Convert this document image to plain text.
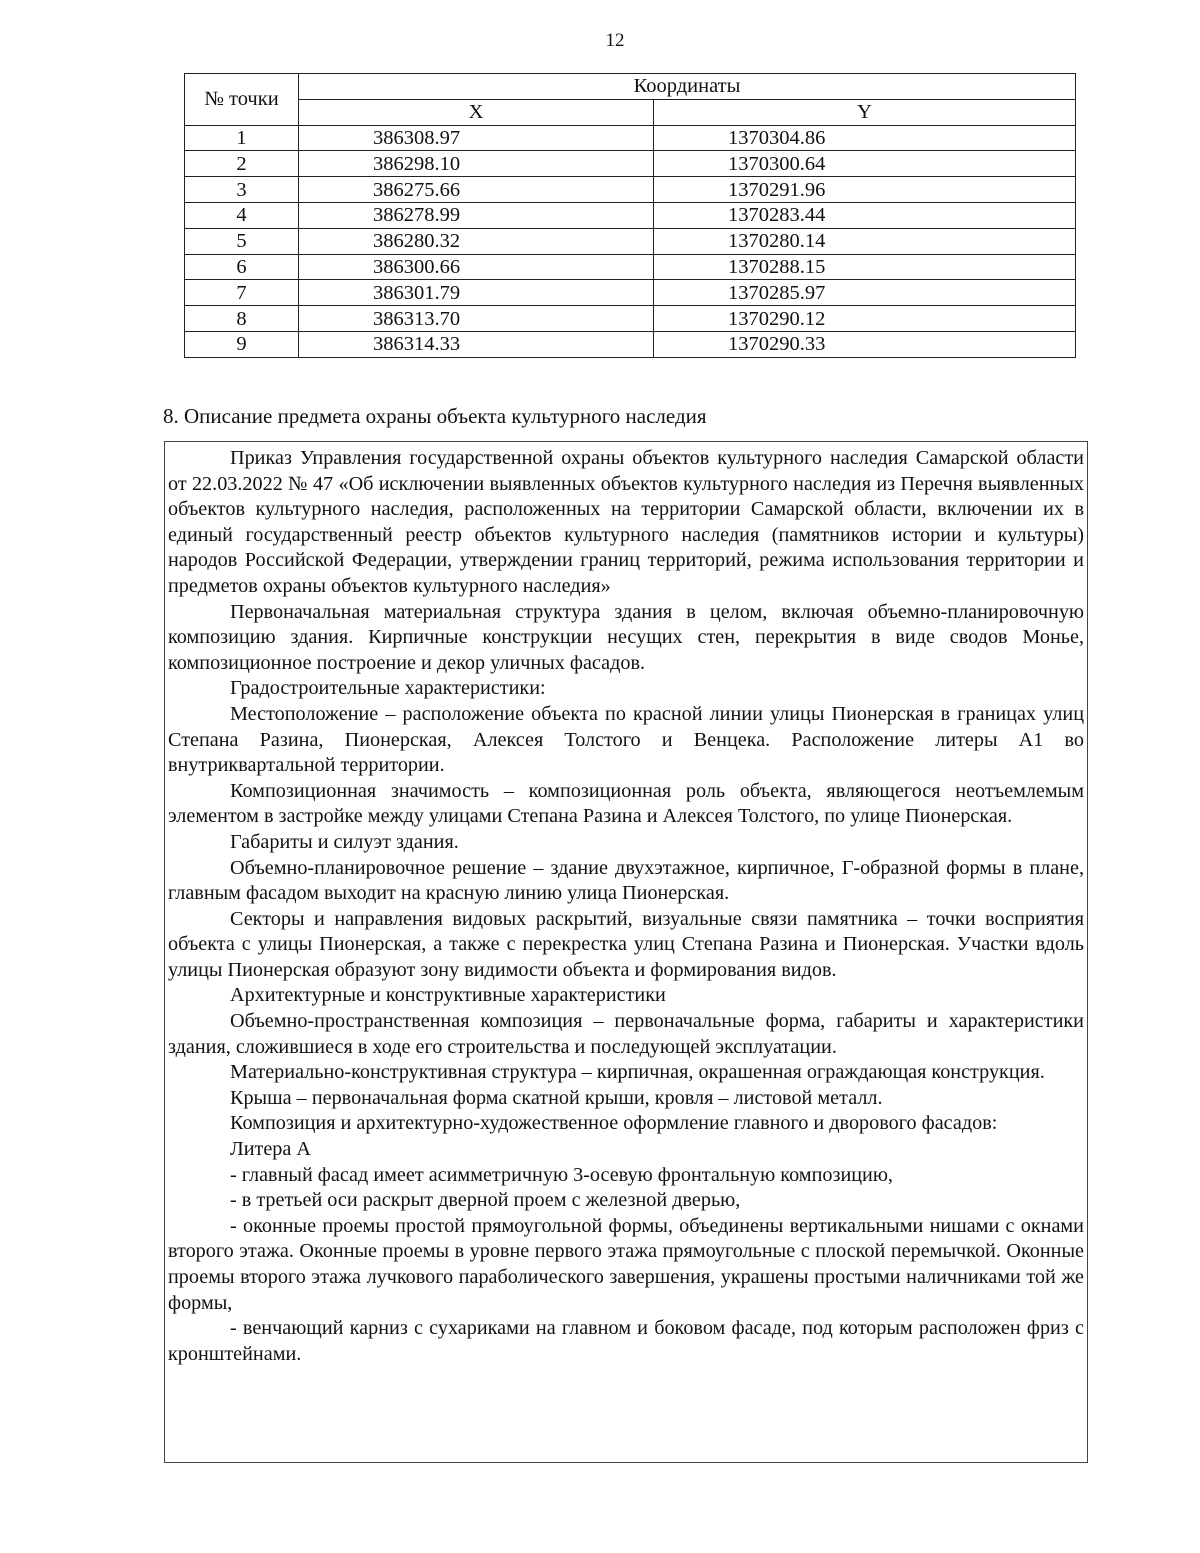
12
№ точки	Координаты	
	X	Y
1	386308.97	1370304.86
2	386298.10	1370300.64
3	386275.66	1370291.96
4	386278.99	1370283.44
5	386280.32	1370280.14
6	386300.66	1370288.15
7	386301.79	1370285.97
8	386313.70	1370290.12
9	386314.33	1370290.33
8. Описание предмета охраны объекта культурного наследия

Приказ Управления государственной охраны объектов культурного наследия Самарской области от 22.03.2022 № 47 «Об исключении выявленных объектов культурного наследия из Перечня выявленных объектов культурного наследия, расположенных на территории Самарской области, включении их в единый государственный реестр объектов культурного наследия (памятников истории и культуры) народов Российской Федерации, утверждении границ территорий, режима использования территории и предметов охраны объектов культурного наследия»

Первоначальная материальная структура здания в целом, включая объемно-планировочную композицию здания. Кирпичные конструкции несущих стен, перекрытия в виде сводов Монье, композиционное построение и декор уличных фасадов.

Градостроительные характеристики:

Местоположение – расположение объекта по красной линии улицы Пионерская в границах улиц Степана Разина, Пионерская, Алексея Толстого и Венцека. Расположение литеры А1 во внутриквартальной территории.

Композиционная значимость – композиционная роль объекта, являющегося неотъемлемым элементом в застройке между улицами Степана Разина и Алексея Толстого, по улице Пионерская.

Габариты и силуэт здания.

Объемно-планировочное решение – здание двухэтажное, кирпичное, Г-образной формы в плане, главным фасадом выходит на красную линию улица Пионерская.

Секторы и направления видовых раскрытий, визуальные связи памятника – точки восприятия объекта с улицы Пионерская, а также с перекрестка улиц Степана Разина и Пионерская. Участки вдоль улицы Пионерская образуют зону видимости объекта и формирования видов.

Архитектурные и конструктивные характеристики

Объемно-пространственная композиция – первоначальные форма, габариты и характеристики здания, сложившиеся в ходе его строительства и последующей эксплуатации.

Материально-конструктивная структура – кирпичная, окрашенная ограждающая конструкция.

Крыша – первоначальная форма скатной крыши, кровля – листовой металл.

Композиция и архитектурно-художественное оформление главного и дворового фасадов:

Литера А

- главный фасад имеет асимметричную 3-осевую фронтальную композицию,

- в третьей оси раскрыт дверной проем с железной дверью,

- оконные проемы простой прямоугольной формы, объединены вертикальными нишами с окнами второго этажа. Оконные проемы в уровне первого этажа прямоугольные с плоской перемычкой. Оконные проемы второго этажа лучкового параболического завершения, украшены простыми наличниками той же формы,

- венчающий карниз с сухариками на главном и боковом фасаде, под которым расположен фриз с кронштейнами.
